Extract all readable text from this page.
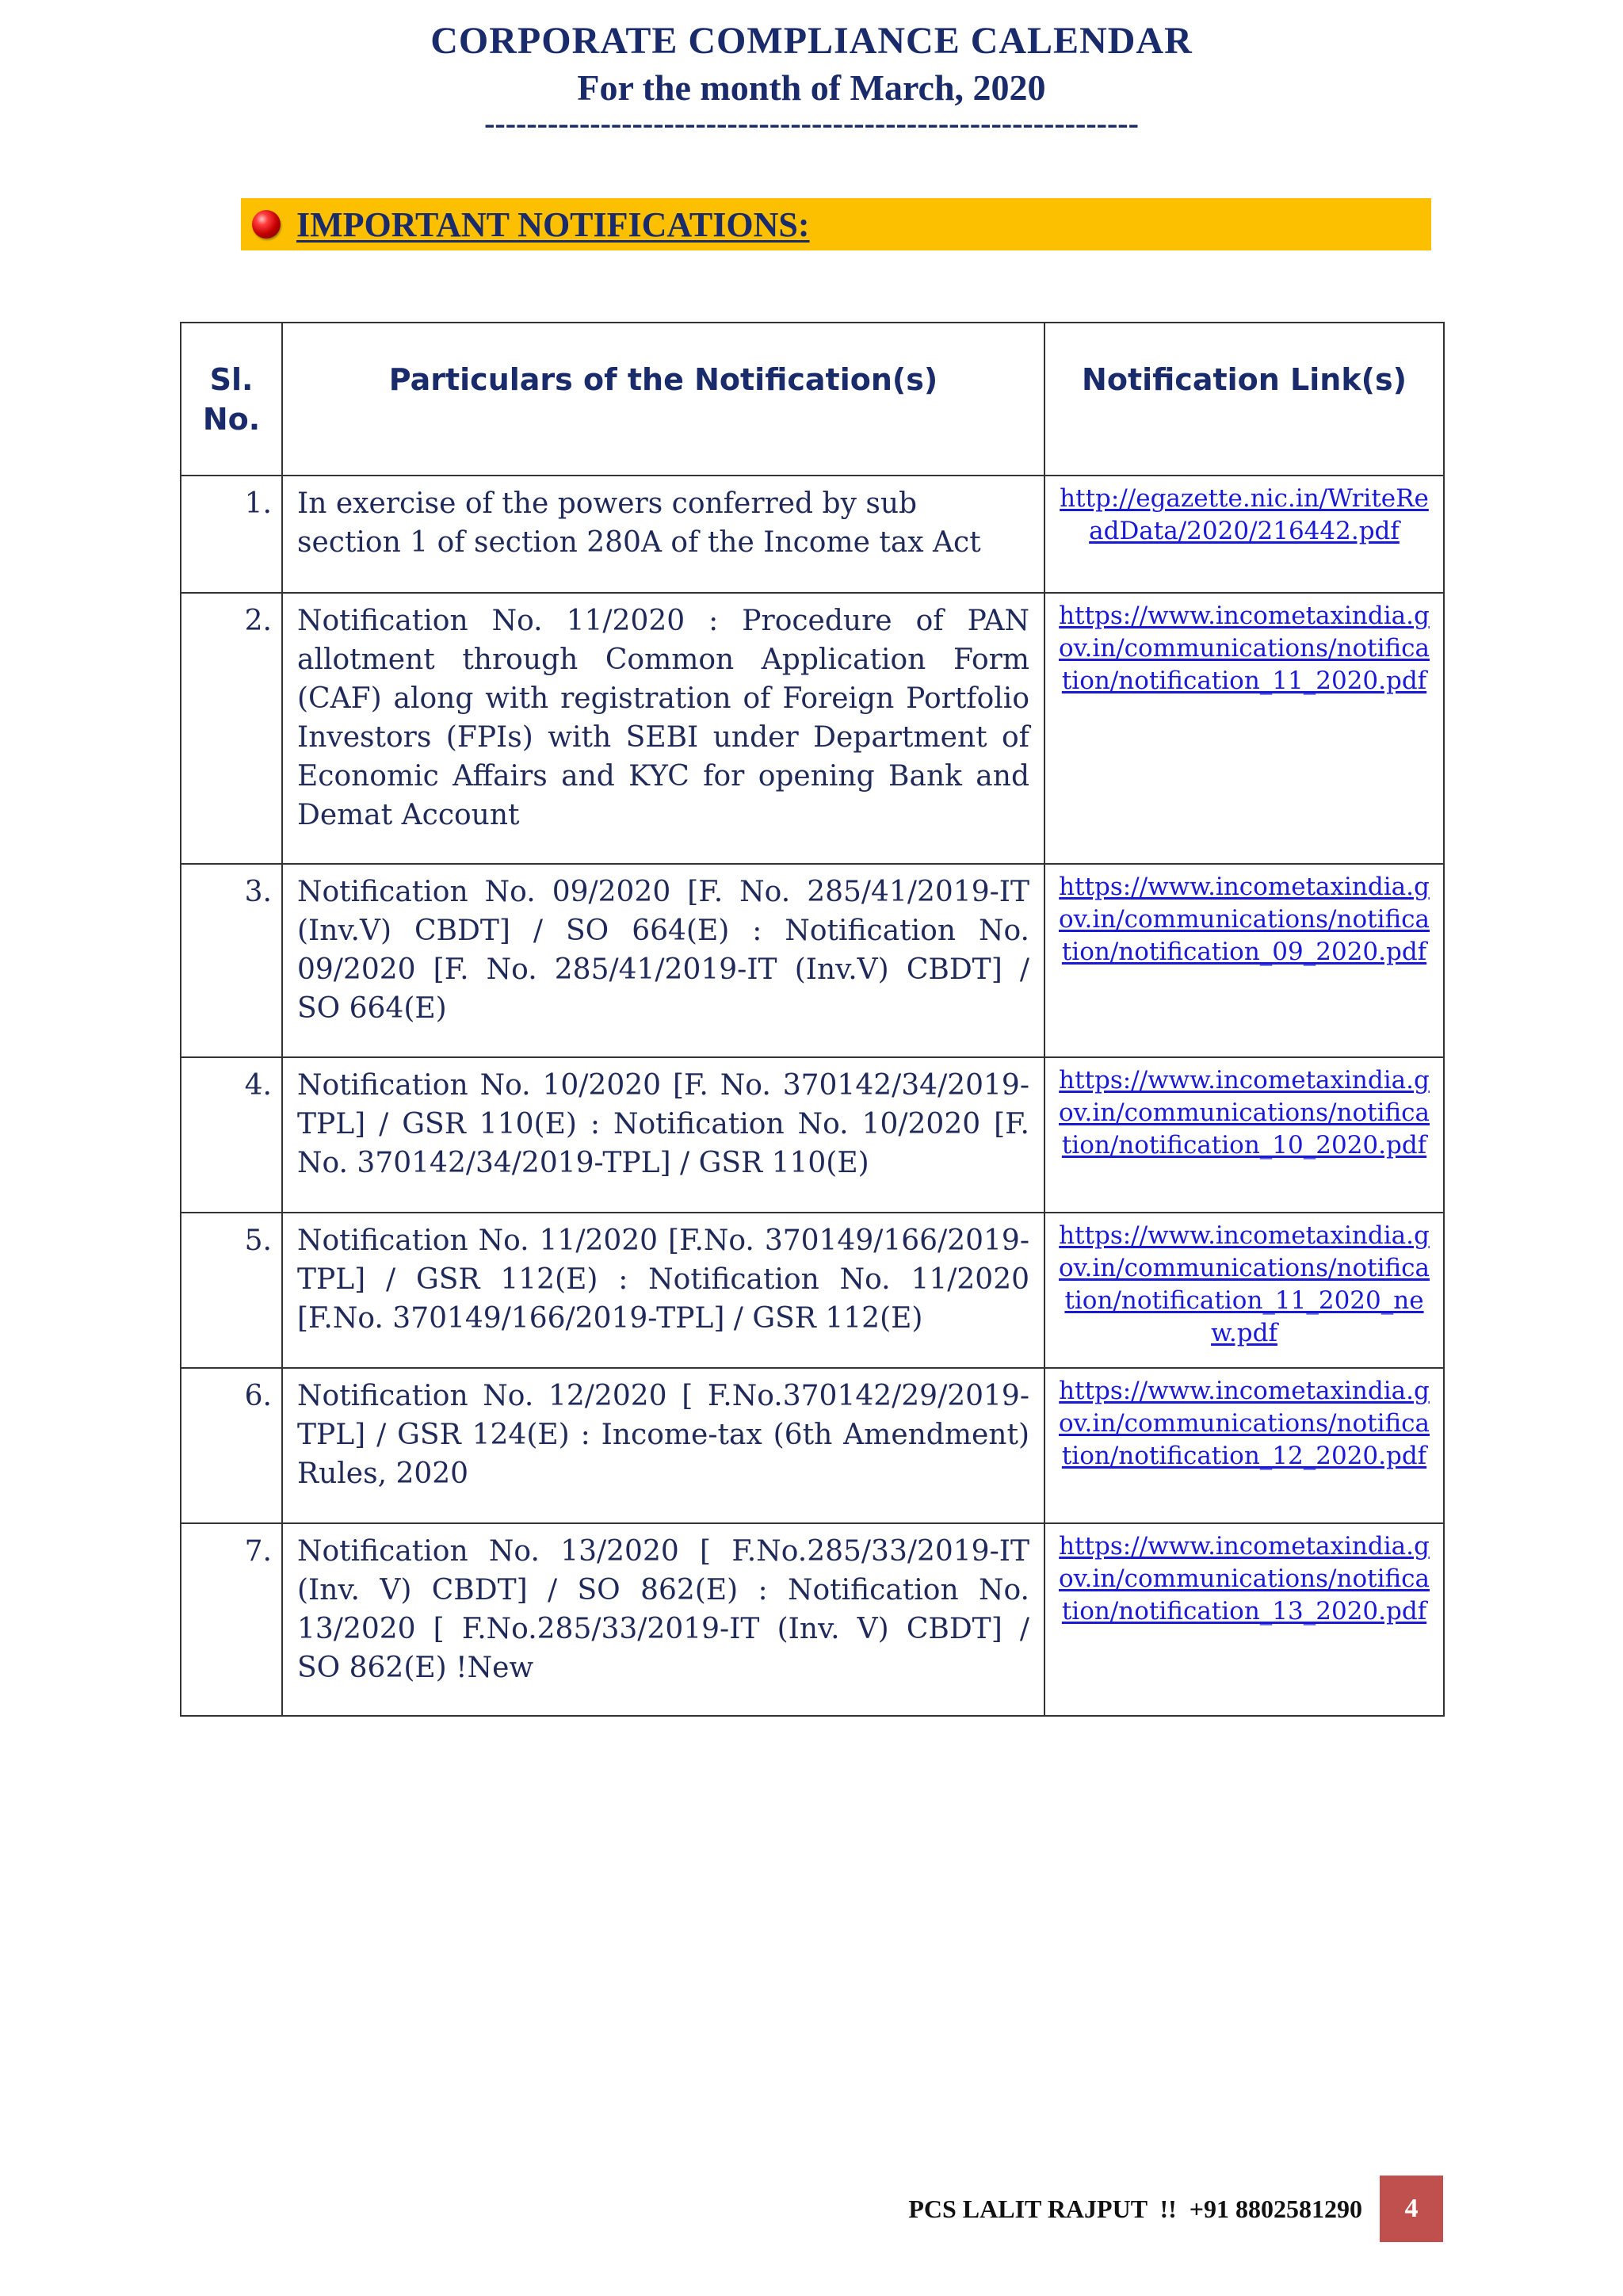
CORPORATE COMPLIANCE CALENDAR
For the month of March, 2020
--------------------------------------------------------------
IMPORTANT NOTIFICATIONS:
Sl. No.	Particulars of the Notification(s)	Notification Link(s)
1.	In exercise of the powers conferred by sub section 1 of section 280A of the Income tax Act	http://egazette.nic.in/WriteReadData/2020/216442.pdf
2.	Notification No. 11/2020 : Procedure of PAN allotment through Common Application Form (CAF) along with registration of Foreign Portfolio Investors (FPIs) with SEBI under Department of Economic Affairs and KYC for opening Bank and Demat Account	https://www.incometaxindia.gov.in/communications/notification/notification_11_2020.pdf
3.	Notification No. 09/2020 [F. No. 285/41/2019-IT (Inv.V) CBDT] / SO 664(E) : Notification No. 09/2020 [F. No. 285/41/2019-IT (Inv.V) CBDT] / SO 664(E)	https://www.incometaxindia.gov.in/communications/notification/notification_09_2020.pdf
4.	Notification No. 10/2020 [F. No. 370142/34/2019-TPL] / GSR 110(E) : Notification No. 10/2020 [F. No. 370142/34/2019-TPL] / GSR 110(E)	https://www.incometaxindia.gov.in/communications/notification/notification_10_2020.pdf
5.	Notification No. 11/2020 [F.No. 370149/166/2019-TPL] / GSR 112(E) : Notification No. 11/2020 [F.No. 370149/166/2019-TPL] / GSR 112(E)	https://www.incometaxindia.gov.in/communications/notification/notification_11_2020_new.pdf
6.	Notification No. 12/2020 [ F.No.370142/29/2019-TPL] / GSR 124(E) : Income-tax (6th Amendment) Rules, 2020	https://www.incometaxindia.gov.in/communications/notification/notification_12_2020.pdf
7.	Notification No. 13/2020 [ F.No.285/33/2019-IT (Inv. V) CBDT] / SO 862(E) : Notification No. 13/2020 [ F.No.285/33/2019-IT (Inv. V) CBDT] / SO 862(E) !New	https://www.incometaxindia.gov.in/communications/notification/notification_13_2020.pdf
PCS LALIT RAJPUT  !!  +91 8802581290	4
